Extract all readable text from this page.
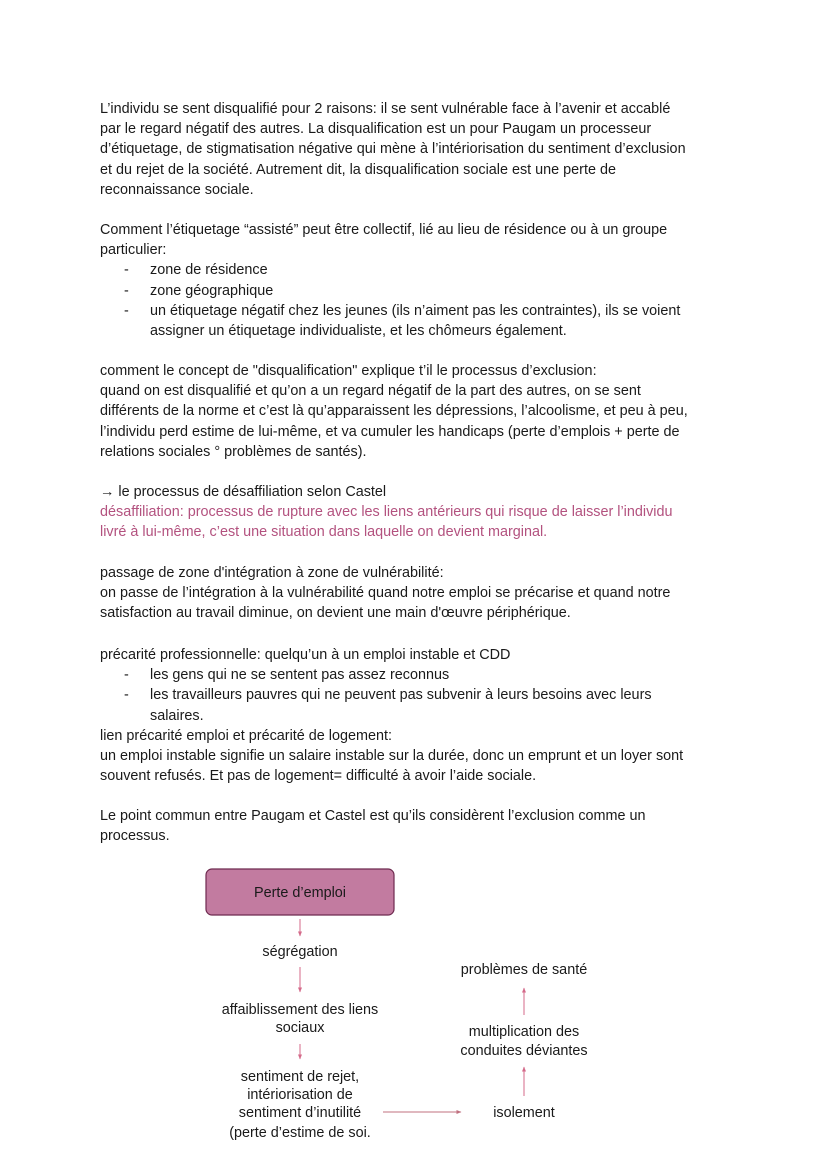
L’individu se sent disqualifié pour 2 raisons: il se sent vulnérable face à l’avenir et accablé

par le regard négatif des autres. La disqualification est un pour Paugam un processeur

d’étiquetage, de stigmatisation négative qui mène à l’intériorisation du sentiment d’exclusion

et du rejet de la société. Autrement dit, la disqualification sociale est une perte de

reconnaissance sociale.

Comment l’étiquetage “assisté” peut être collectif, lié au lieu de résidence ou à un groupe

particulier:

- zone de résidence
- zone géographique
- un étiquetage négatif chez les jeunes (ils n’aiment pas les contraintes), ils se voient
assigner un étiquetage individualiste, et les chômeurs également.

comment le concept de "disqualification" explique t’il le processus d’exclusion:

quand on est disqualifié et qu’on a un regard négatif de la part des autres, on se sent

différents de la norme et c’est là qu’apparaissent les dépressions, l’alcoolisme, et peu à peu,

l’individu perd estime de lui-même, et va cumuler les handicaps (perte d’emplois + perte de

relations sociales ° problèmes de santés).

→ le processus de désaffiliation selon Castel

désaffiliation: processus de rupture avec les liens antérieurs qui risque de laisser l’individu

livré à lui-même, c’est une situation dans laquelle on devient marginal.

passage de zone d'intégration à zone de vulnérabilité:

on passe de l’intégration à la vulnérabilité quand notre emploi se précarise et quand notre

satisfaction au travail diminue, on devient une main d'œuvre périphérique.

précarité professionnelle: quelqu’un à un emploi instable et CDD

- les gens qui ne se sentent pas assez reconnus
- les travailleurs pauvres qui ne peuvent pas subvenir à leurs besoins avec leurs
salaires.

lien précarité emploi et précarité de logement:

un emploi instable signifie un salaire instable sur la durée, donc un emprunt et un loyer sont

souvent refusés. Et pas de logement= difficulté à avoir l’aide sociale.

Le point commun entre Paugam et Castel est qu’ils considèrent l’exclusion comme un

processus.

Perte d’emploi
ségrégation
affaiblissement des liens
sociaux
sentiment de rejet,
intériorisation de
sentiment d’inutilité
(perte d’estime de soi.
isolement
multiplication des
conduites déviantes
problèmes de santé
